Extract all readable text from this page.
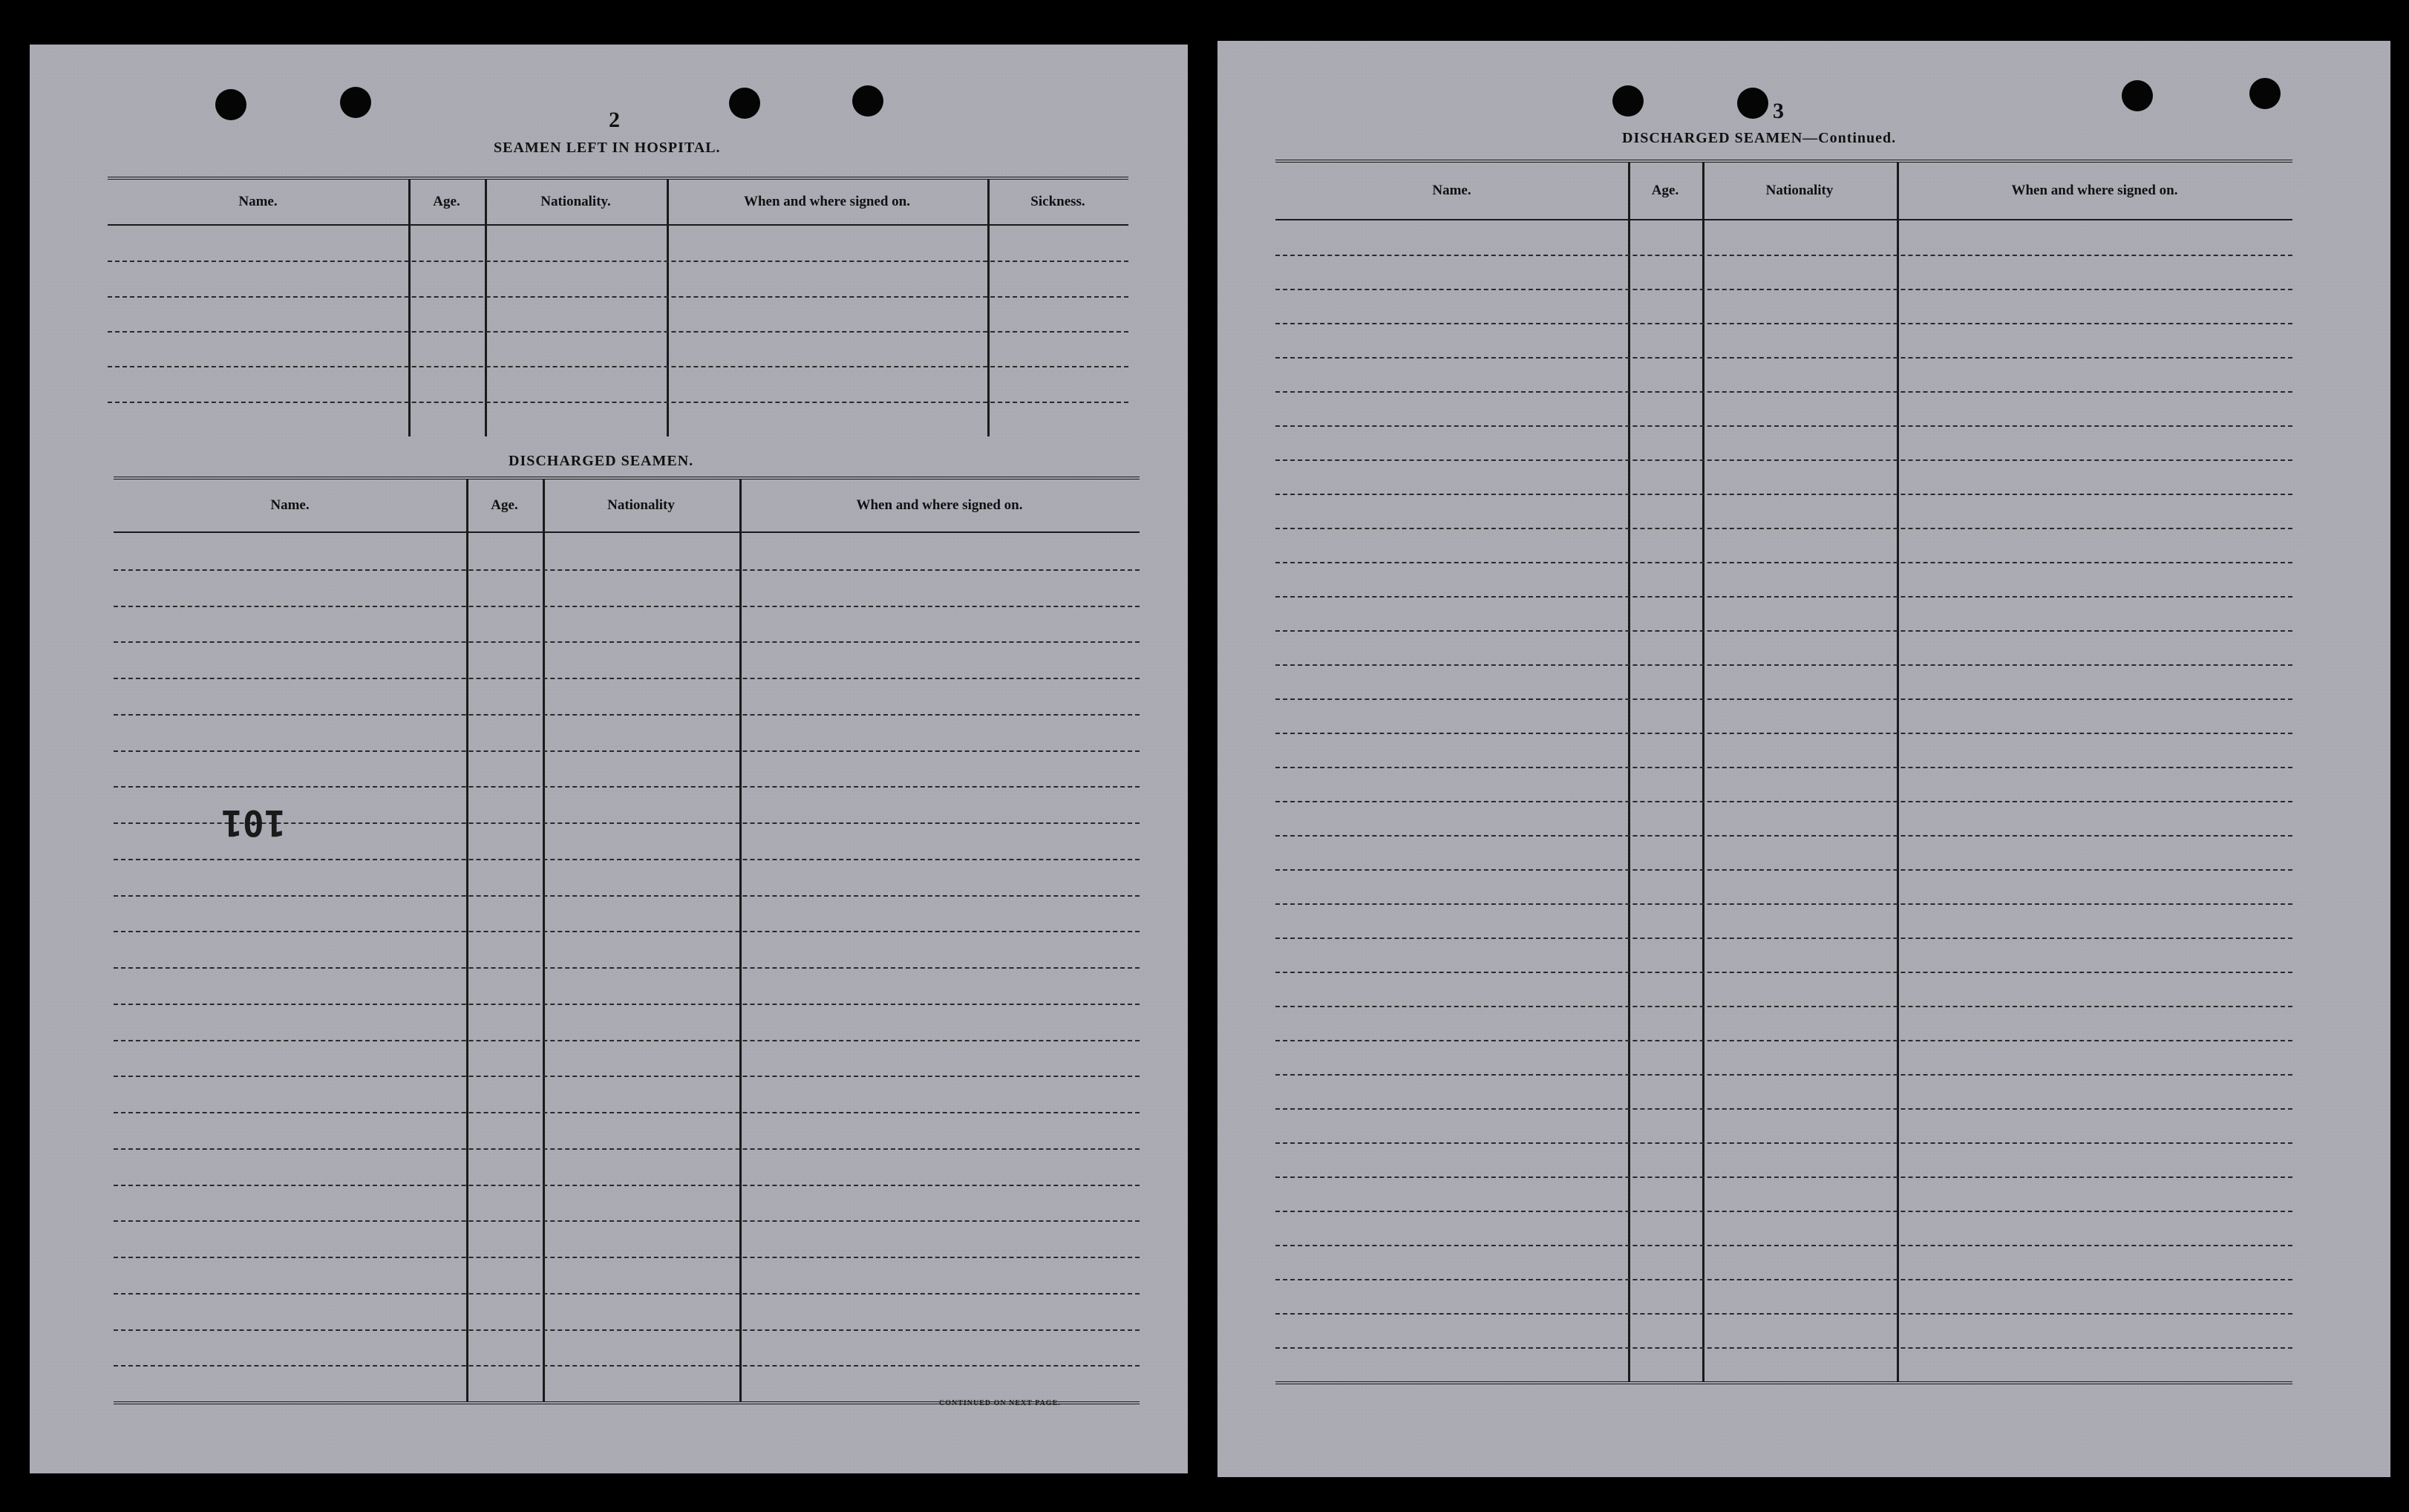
2
SEAMEN LEFT IN HOSPITAL.
Name.	Age.	Nationality.	When and where signed on.	Sickness.
DISCHARGED SEAMEN.
Name.	Age.	Nationality	When and where signed on.
101
CONTINUED ON NEXT PAGE.
3
DISCHARGED SEAMEN—Continued.
Name.	Age.	Nationality	When and where signed on.
